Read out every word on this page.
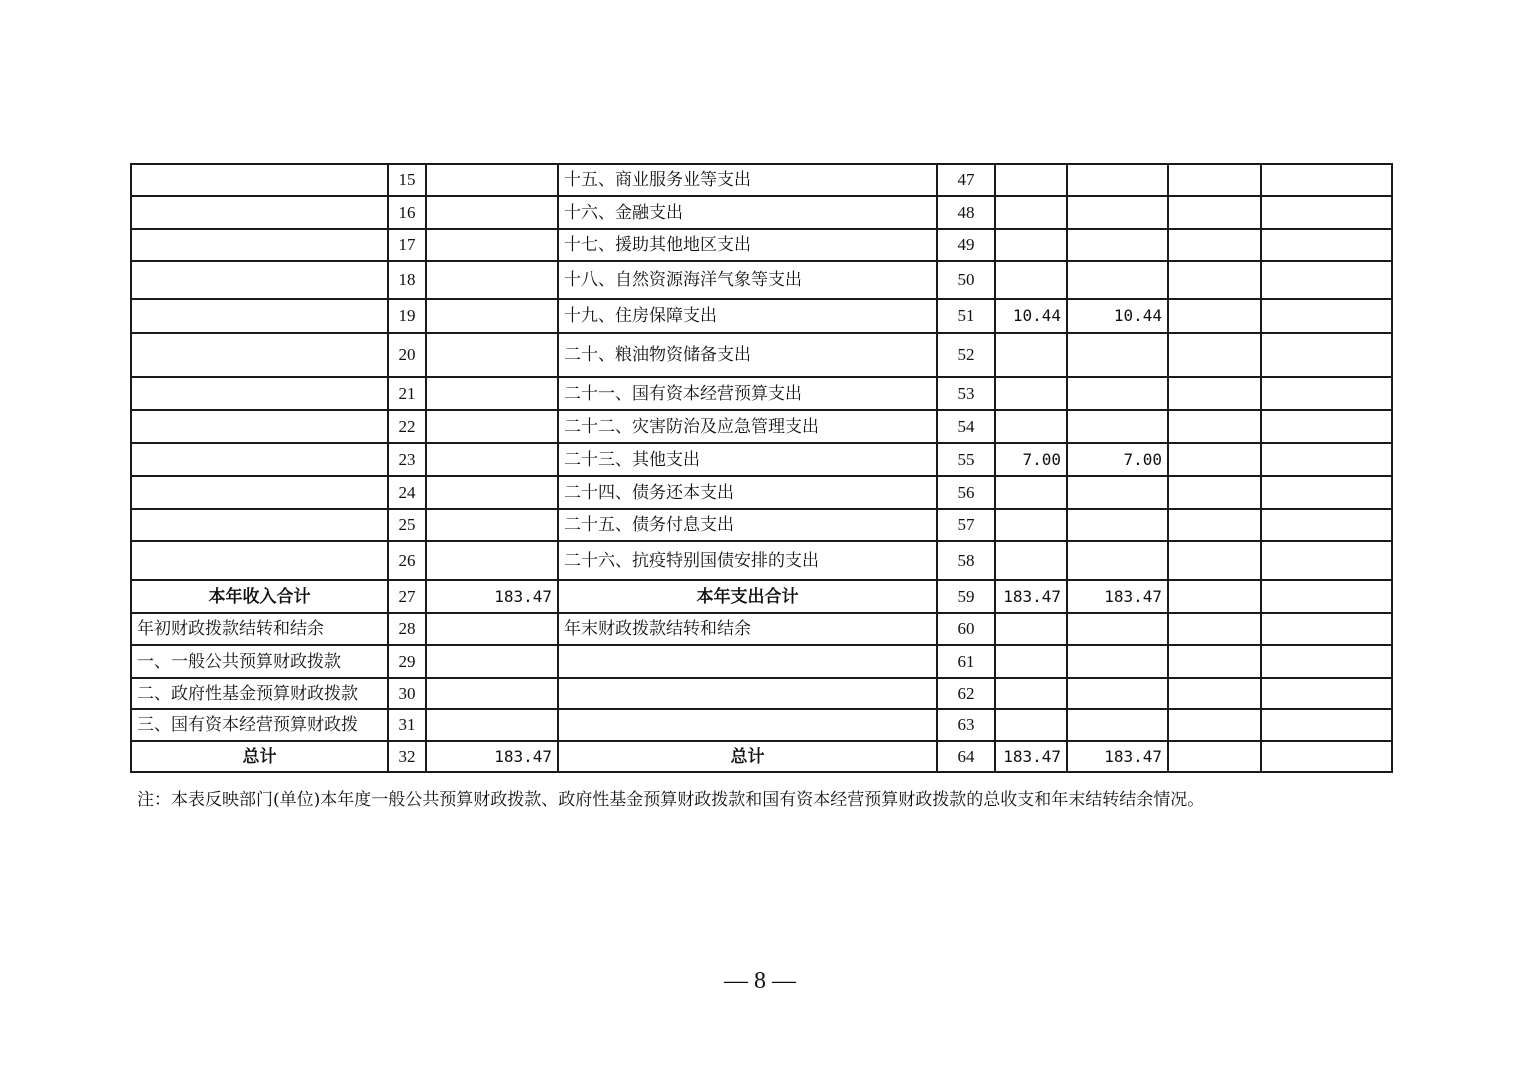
	15		十五、商业服务业等支出	47				
	16		十六、金融支出	48				
	17		十七、援助其他地区支出	49				
	18		十八、自然资源海洋气象等支出	50				
	19		十九、住房保障支出	51	10.44	10.44		
	20		二十、粮油物资储备支出	52				
	21		二十一、国有资本经营预算支出	53				
	22		二十二、灾害防治及应急管理支出	54				
	23		二十三、其他支出	55	7.00	7.00		
	24		二十四、债务还本支出	56				
	25		二十五、债务付息支出	57				
	26		二十六、抗疫特别国债安排的支出	58				
本年收入合计	27	183.47	本年支出合计	59	183.47	183.47		
年初财政拨款结转和结余	28		年末财政拨款结转和结余	60				
一、一般公共预算财政拨款	29			61				
二、政府性基金预算财政拨款	30			62				
三、国有资本经营预算财政拨	31			63				
总计	32	183.47	总计	64	183.47	183.47		
注：本表反映部门(单位)本年度一般公共预算财政拨款、政府性基金预算财政拨款和国有资本经营预算财政拨款的总收支和年末结转结余情况。
— 8 —
